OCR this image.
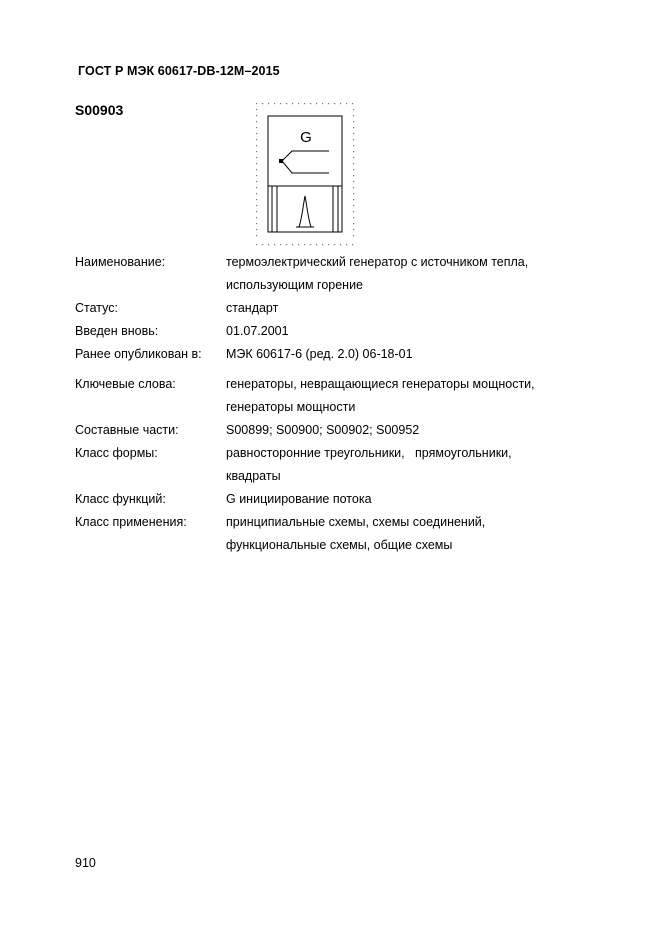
ГОСТ Р МЭК 60617-DB-12M–2015
S00903
G
Наименование:	термоэлектрический генератор с источником тепла,
использующим горение
Статус:	стандарт
Введен вновь:	01.07.2001
Ранее опубликован в:	МЭК 60617-6 (ред. 2.0) 06-18-01
Ключевые слова:	генераторы, невращающиеся генераторы мощности,
генераторы мощности
Составные части:	S00899; S00900; S00902; S00952
Класс формы:	равносторонние треугольники,   прямоугольники,
квадраты
Класс функций:	G инициирование потока
Класс применения:	принципиальные схемы, схемы соединений,
функциональные схемы, общие схемы
910
